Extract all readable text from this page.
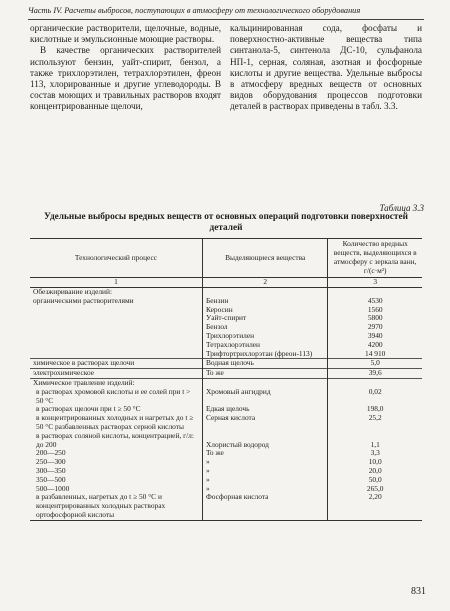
Часть IV. Расчеты выбросов, поступающих в атмосферу от технологического оборудования

органические растворители, щелочные, водные, кислотные и эмульсионные моющие растворы.

В качестве органических растворителей используют бензин, уайт-спирит, бензол, а также трихлорэтилен, тетрахлорэтилен, фреон 113, хлорированные и другие углеводороды. В состав моющих и травильных растворов входят концентрированные щелочи,

кальцинированная сода, фосфаты и поверхностно-активные вещества типа синтанола-5, синтенола ДС-10, сульфанола НП-1, серная, соляная, азотная и фосфорные кислоты и другие вещества. Удельные выбросы в атмосферу вредных веществ от основных видов оборудования процессов подготовки деталей в растворах приведены в табл. 3.3.

Таблица 3.3
Удельные выбросы вредных веществ от основных операций подготовки поверхностей деталей
Технологический процесс	Выделяющиеся вещества	Количество вредных веществ, выделяющихся в атмосферу с зеркала ванн, г/(с·м²)
1	2	3
Обезжиривание изделий:		
органическими растворителями	Бензин	4530
	Керосин	1560
	Уайт-спирит	5800
	Бензол	2970
	Трихлорэтилен	3940
	Тетрахлорэтилен	4200
	Трифтортрихлорэтан (фреон-113)	14 910
химическое в растворах щелочи	Водная щелочь	5,0
электрохимическое	То же	39,6
Химическое травление изделий:		
в растворах хромовой кислоты и ее солей при t > 50 °С	Хромовый ангидрид	0,02
в растворах щелочи при t ≥ 50 °С	Едкая щелочь	198,0
в концентрированных холодных и нагретых до t ≥ 50 °С разбавленных растворах серной кислоты	Серная кислота	25,2
в растворах соляной кислоты, концентрацией, г/л:		
до 200	Хлористый водород	1,1
200—250	То же	3,3
250—300	»	10,0
300—350	»	20,0
350—500	»	50,0
500—1000	»	265,0
в разбавленных, нагретых до t ≥ 50 °С и концентрированных холодных растворах ортофосфорной кислоты	Фосфорная кислота	2,20
831
